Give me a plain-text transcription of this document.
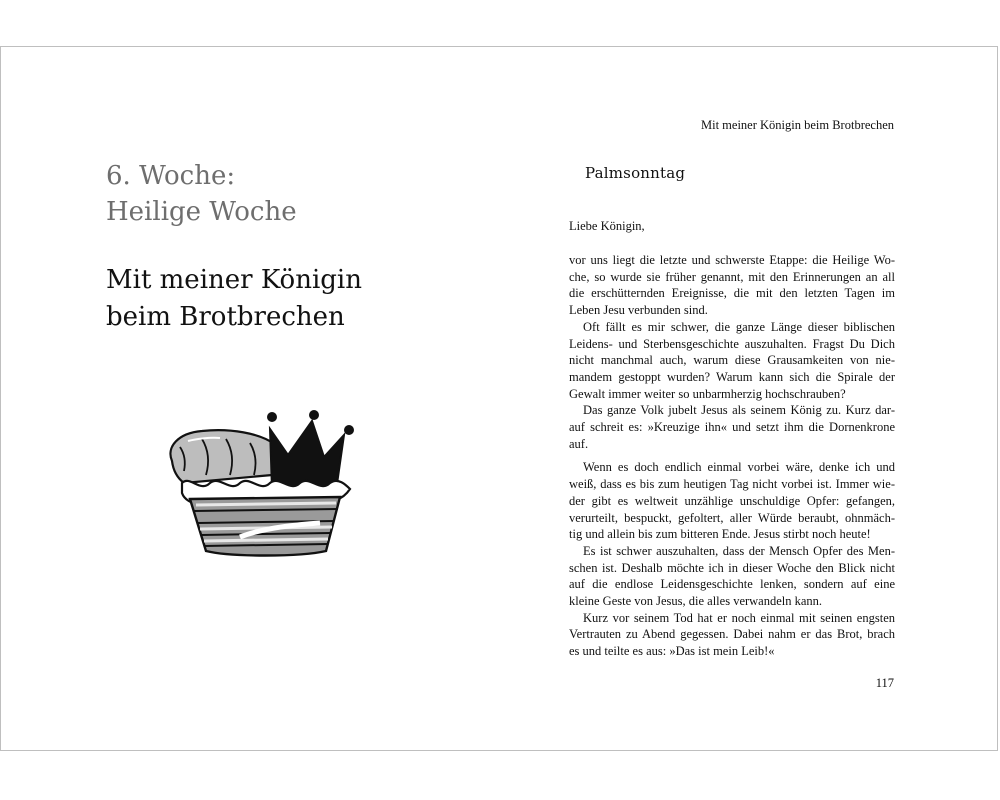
6. Woche:
Heilige Woche
Mit meiner Königin
beim Brotbrechen
Mit meiner Königin beim Brotbrechen
Palmsonntag
Liebe Königin,
vor uns liegt die letzte und schwerste Etappe: die Heilige Wo-
che, so wurde sie früher genannt, mit den Erinnerungen an all
die erschütternden Ereignisse, die mit den letzten Tagen im
Leben Jesu verbunden sind.
Oft fällt es mir schwer, die ganze Länge dieser biblischen
Leidens- und Sterbensgeschichte auszuhalten. Fragst Du Dich
nicht manchmal auch, warum diese Grausamkeiten von nie-
mandem gestoppt wurden? Warum kann sich die Spirale der
Gewalt immer weiter so unbarmherzig hochschrauben?
Das ganze Volk jubelt Jesus als seinem König zu. Kurz dar-
auf schreit es: »Kreuzige ihn« und setzt ihm die Dornenkrone
auf.
Wenn es doch endlich einmal vorbei wäre, denke ich und
weiß, dass es bis zum heutigen Tag nicht vorbei ist. Immer wie-
der gibt es weltweit unzählige unschuldige Opfer: gefangen,
verurteilt, bespuckt, gefoltert, aller Würde beraubt, ohnmäch-
tig und allein bis zum bitteren Ende. Jesus stirbt noch heute!
Es ist schwer auszuhalten, dass der Mensch Opfer des Men-
schen ist. Deshalb möchte ich in dieser Woche den Blick nicht
auf die endlose Leidensgeschichte lenken, sondern auf eine
kleine Geste von Jesus, die alles verwandeln kann.
Kurz vor seinem Tod hat er noch einmal mit seinen engsten
Vertrauten zu Abend gegessen. Dabei nahm er das Brot, brach
es und teilte es aus: »Das ist mein Leib!«
117
